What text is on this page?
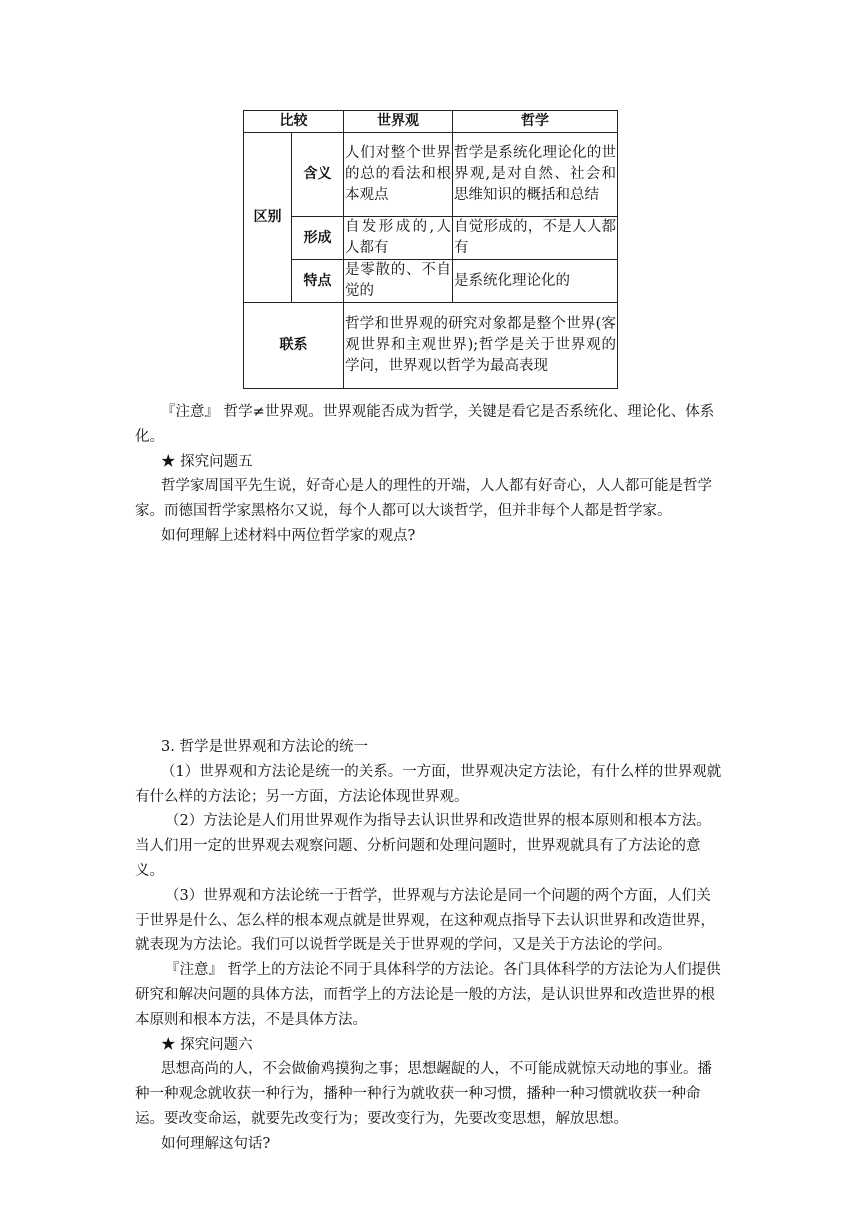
比较		世界观	哲学
区别	含义	人们对整个世界的总的看法和根本观点	哲学是系统化理论化的世界观,是对自然、社会和思维知识的概括和总结
	形成	自发形成的,人人都有	自觉形成的，不是人人都有
	特点	是零散的、不自觉的	是系统化理论化的
联系		哲学和世界观的研究对象都是整个世界(客观世界和主观世界);哲学是关于世界观的学问，世界观以哲学为最高表现	

『注意』 哲学≠世界观。世界观能否成为哲学，关键是看它是否系统化、理论化、体系化。

★ 探究问题五

哲学家周国平先生说，好奇心是人的理性的开端，人人都有好奇心，人人都可能是哲学家。而德国哲学家黑格尔又说，每个人都可以大谈哲学，但并非每个人都是哲学家。

如何理解上述材料中两位哲学家的观点?

3. 哲学是世界观和方法论的统一

（1）世界观和方法论是统一的关系。一方面，世界观决定方法论，有什么样的世界观就有什么样的方法论；另一方面，方法论体现世界观。

（2）方法论是人们用世界观作为指导去认识世界和改造世界的根本原则和根本方法。当人们用一定的世界观去观察问题、分析问题和处理问题时，世界观就具有了方法论的意义。

（3）世界观和方法论统一于哲学，世界观与方法论是同一个问题的两个方面，人们关于世界是什么、怎么样的根本观点就是世界观，在这种观点指导下去认识世界和改造世界，就表现为方法论。我们可以说哲学既是关于世界观的学问，又是关于方法论的学问。

『注意』 哲学上的方法论不同于具体科学的方法论。各门具体科学的方法论为人们提供研究和解决问题的具体方法，而哲学上的方法论是一般的方法，是认识世界和改造世界的根本原则和根本方法，不是具体方法。

★ 探究问题六

思想高尚的人，不会做偷鸡摸狗之事；思想龌龊的人，不可能成就惊天动地的事业。播种一种观念就收获一种行为，播种一种行为就收获一种习惯，播种一种习惯就收获一种命运。要改变命运，就要先改变行为；要改变行为，先要改变思想，解放思想。

如何理解这句话?
